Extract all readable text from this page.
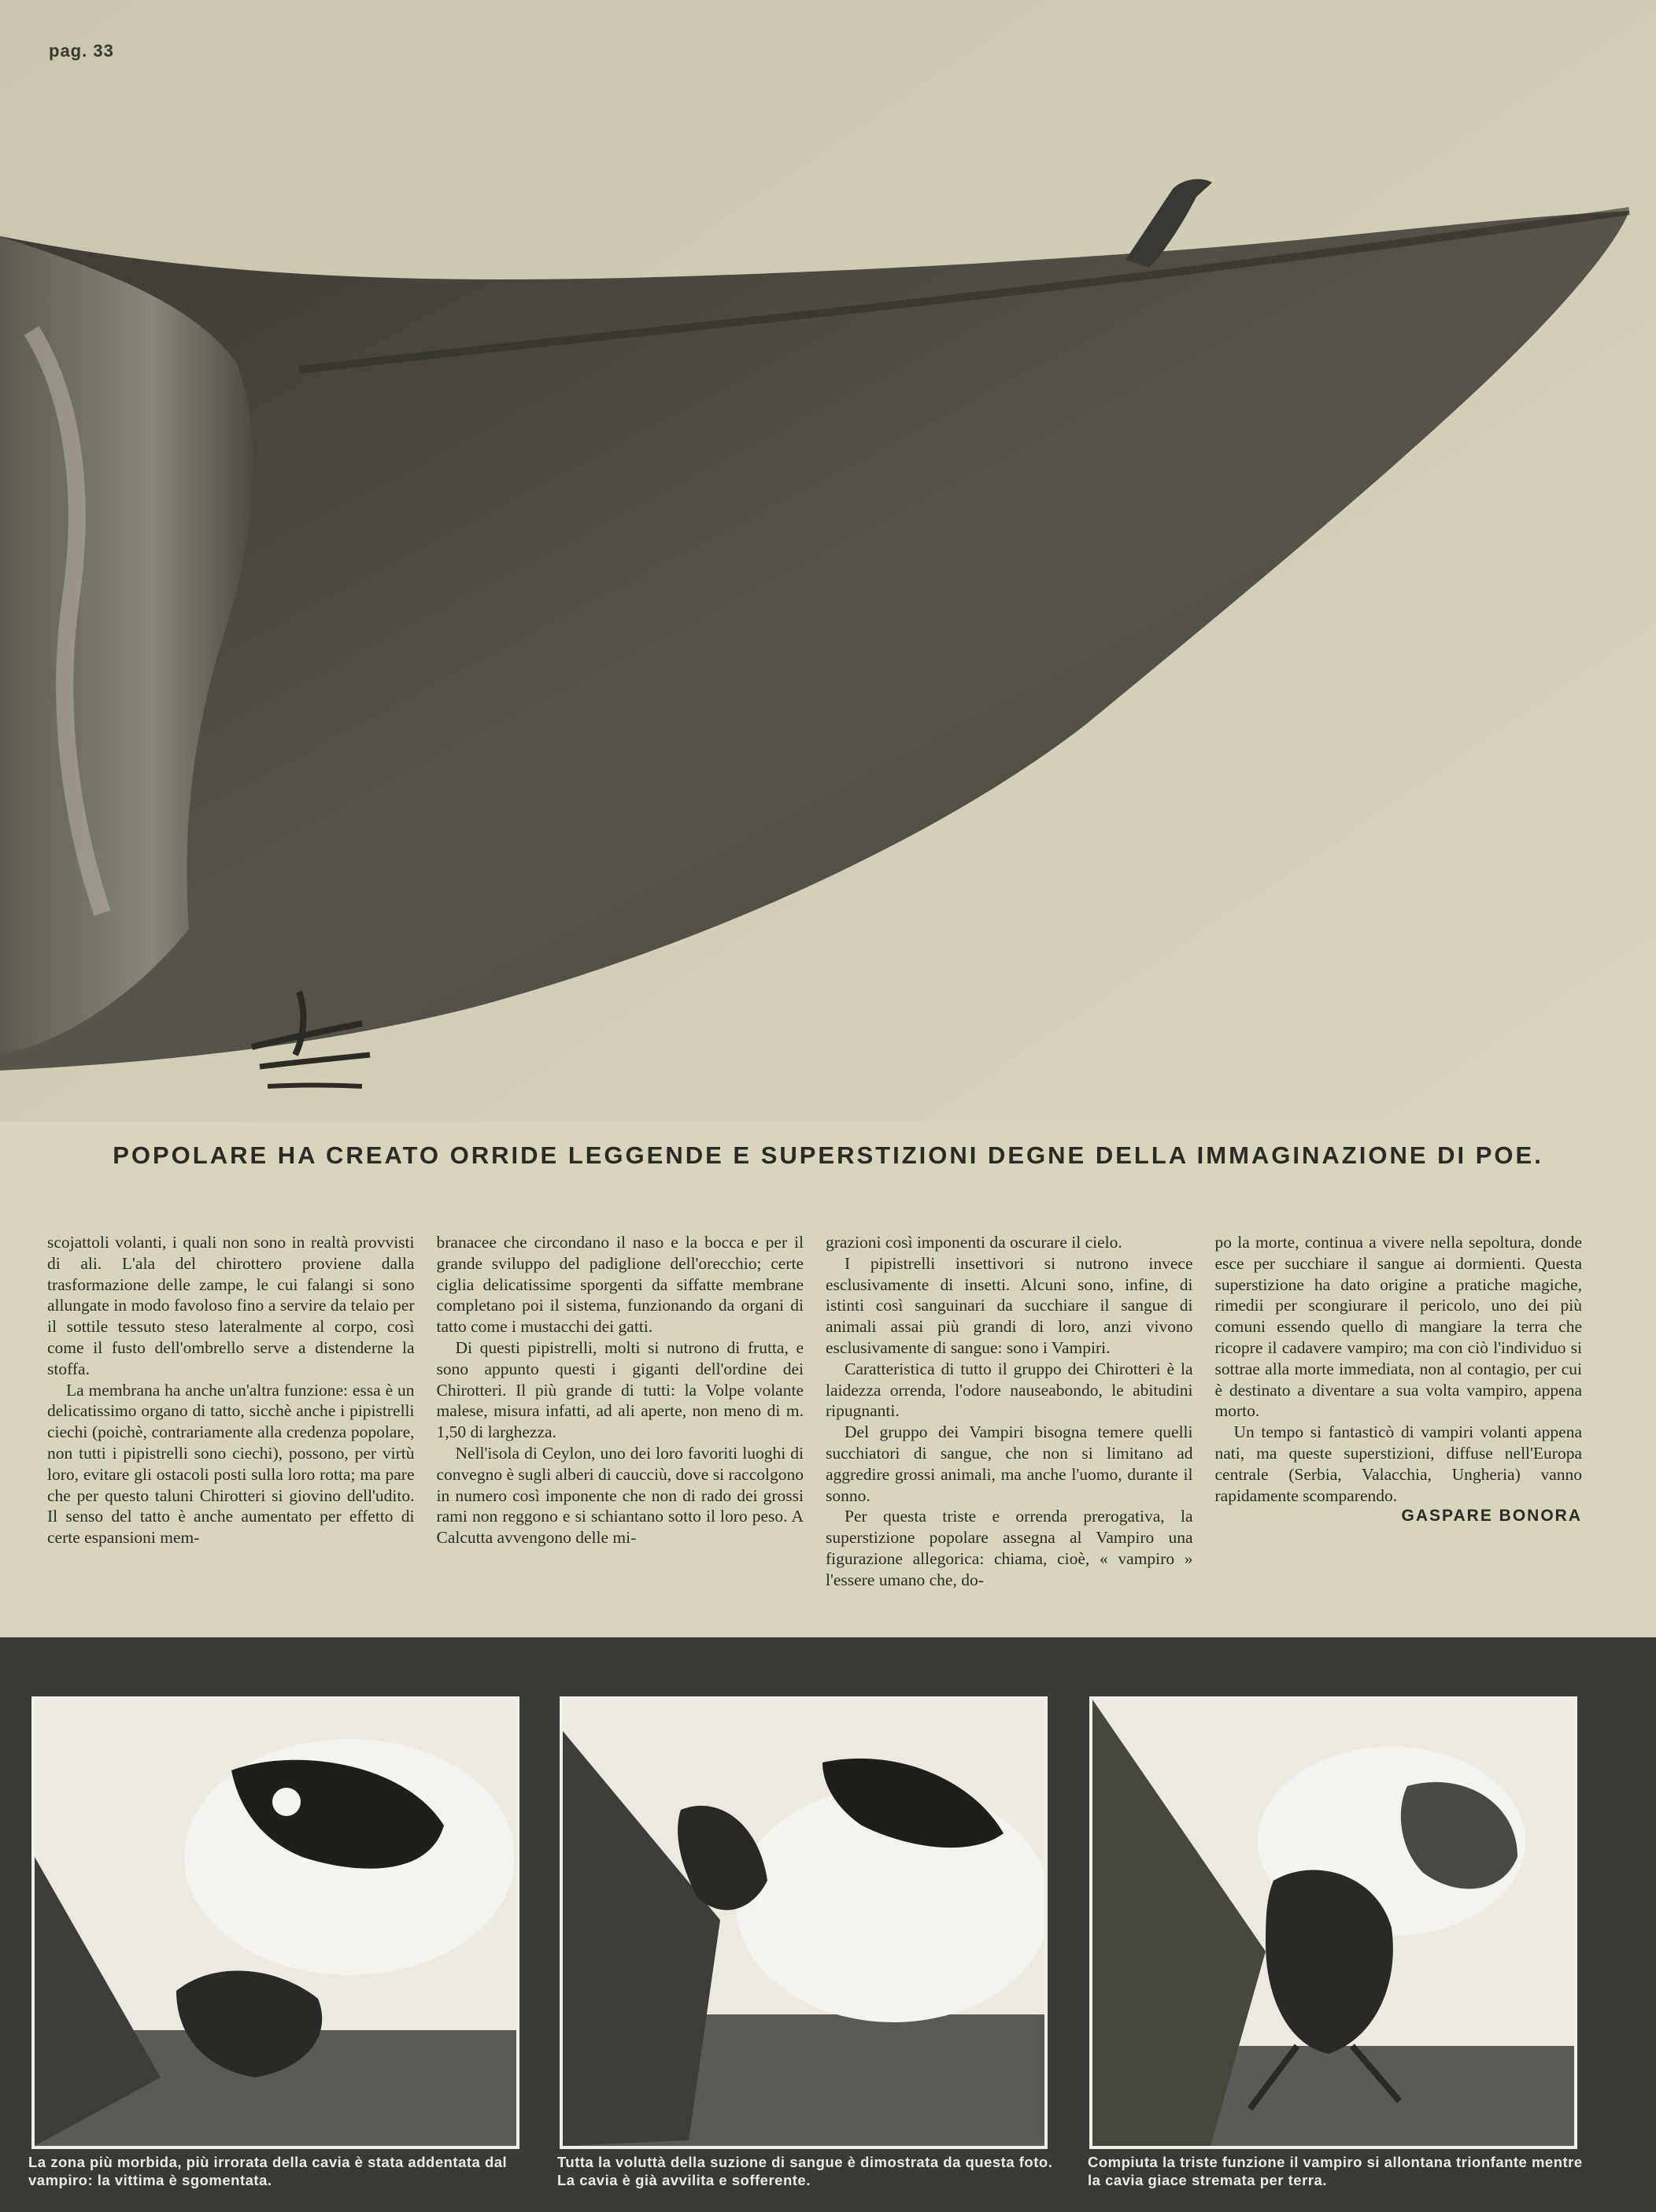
pag. 33
POPOLARE HA CREATO ORRIDE LEGGENDE E SUPERSTIZIONI DEGNE DELLA IMMAGINAZIONE DI POE.

scojattoli volanti, i quali non sono in realtà provvisti di ali. L'ala del chirottero proviene dalla trasformazione delle zampe, le cui falangi si sono allungate in modo favoloso fino a servire da telaio per il sottile tessuto steso lateralmente al corpo, così come il fusto dell'ombrello serve a distenderne la stoffa.

La membrana ha anche un'altra funzione: essa è un delicatissimo organo di tatto, sicchè anche i pipistrelli ciechi (poichè, contrariamente alla credenza popolare, non tutti i pipistrelli sono ciechi), possono, per virtù loro, evitare gli ostacoli posti sulla loro rotta; ma pare che per questo taluni Chirotteri si giovino dell'udito. Il senso del tatto è anche aumentato per effetto di certe espansioni mem-

branacee che circondano il naso e la bocca e per il grande sviluppo del padiglione dell'orecchio; certe ciglia delicatissime sporgenti da siffatte membrane completano poi il sistema, funzionando da organi di tatto come i mustacchi dei gatti.

Di questi pipistrelli, molti si nutrono di frutta, e sono appunto questi i giganti dell'ordine dei Chirotteri. Il più grande di tutti: la Volpe volante malese, misura infatti, ad ali aperte, non meno di m. 1,50 di larghezza.

Nell'isola di Ceylon, uno dei loro favoriti luoghi di convegno è sugli alberi di caucciù, dove si raccolgono in numero così imponente che non di rado dei grossi rami non reggono e si schiantano sotto il loro peso. A Calcutta avvengono delle mi-

grazioni così imponenti da oscurare il cielo.

I pipistrelli insettivori si nutrono invece esclusivamente di insetti. Alcuni sono, infine, di istinti così sanguinari da succhiare il sangue di animali assai più grandi di loro, anzi vivono esclusivamente di sangue: sono i Vampiri.

Caratteristica di tutto il gruppo dei Chirotteri è la laidezza orrenda, l'odore nauseabondo, le abitudini ripugnanti.

Del gruppo dei Vampiri bisogna temere quelli succhiatori di sangue, che non si limitano ad aggredire grossi animali, ma anche l'uomo, durante il sonno.

Per questa triste e orrenda prerogativa, la superstizione popolare assegna al Vampiro una figurazione allegorica: chiama, cioè, « vampiro » l'essere umano che, do-

po la morte, continua a vivere nella sepoltura, donde esce per succhiare il sangue ai dormienti. Questa superstizione ha dato origine a pratiche magiche, rimedii per scongiurare il pericolo, uno dei più comuni essendo quello di mangiare la terra che ricopre il cadavere vampiro; ma con ciò l'individuo si sottrae alla morte immediata, non al contagio, per cui è destinato a diventare a sua volta vampiro, appena morto.

Un tempo si fantasticò di vampiri volanti appena nati, ma queste superstizioni, diffuse nell'Europa centrale (Serbia, Valacchia, Ungheria) vanno rapidamente scomparendo.

GASPARE BONORA

La zona più morbida, più irrorata della cavia è stata addentata dal vampiro: la vittima è sgomentata.
Tutta la voluttà della suzione di sangue è dimostrata da questa foto. La cavia è già avvilita e sofferente.
Compiuta la triste funzione il vampiro si allontana trionfante mentre la cavia giace stremata per terra.
